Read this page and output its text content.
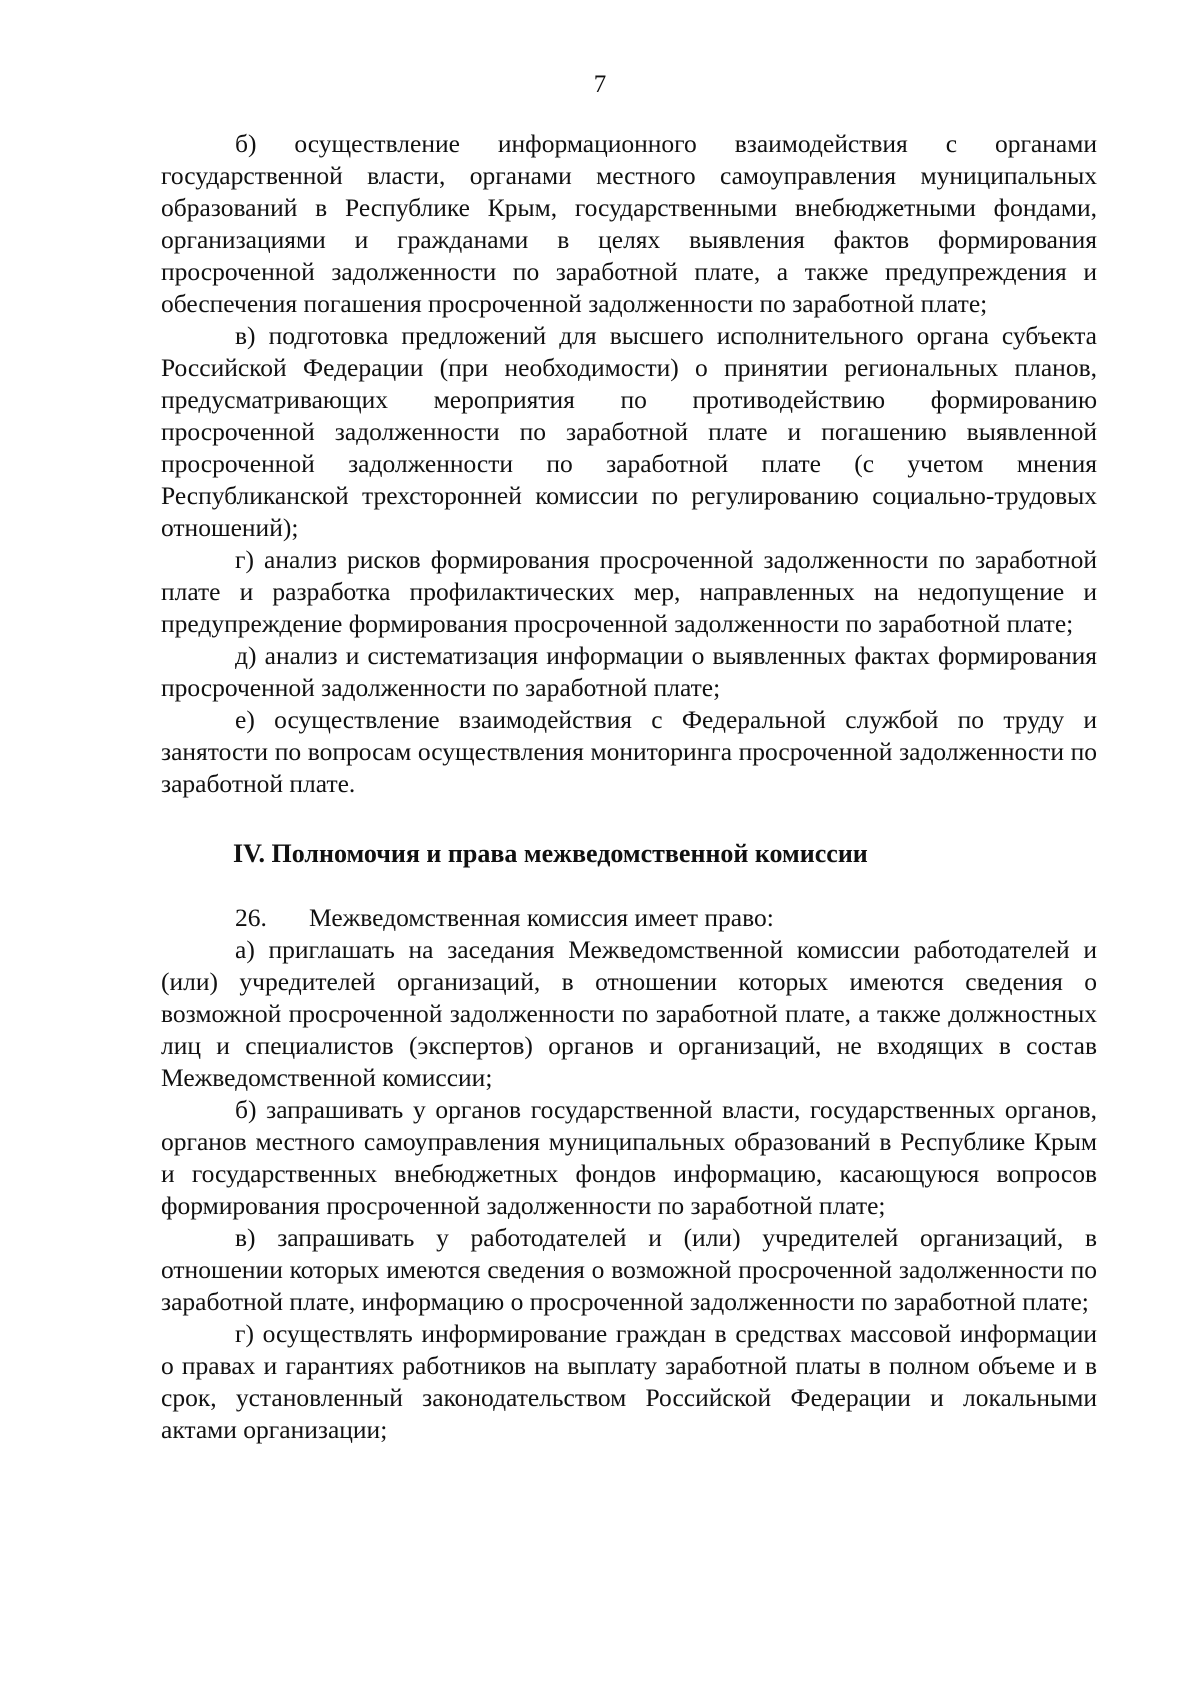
7

б) осуществление информационного взаимодействия с органами государственной власти, органами местного самоуправления муниципальных образований в Республике Крым, государственными внебюджетными фондами, организациями и гражданами в целях выявления фактов формирования просроченной задолженности по заработной плате, а также предупреждения и обеспечения погашения просроченной задолженности по заработной плате;

в) подготовка предложений для высшего исполнительного органа субъекта Российской Федерации (при необходимости) о принятии региональных планов, предусматривающих мероприятия по противодействию формированию просроченной задолженности по заработной плате и погашению выявленной просроченной задолженности по заработной плате (с учетом мнения Республиканской трехсторонней комиссии по регулированию социально-трудовых отношений);

г) анализ рисков формирования просроченной задолженности по заработной плате и разработка профилактических мер, направленных на недопущение и предупреждение формирования просроченной задолженности по заработной плате;

д) анализ и систематизация информации о выявленных фактах формирования просроченной задолженности по заработной плате;

е) осуществление взаимодействия с Федеральной службой по труду и занятости по вопросам осуществления мониторинга просроченной задолженности по заработной плате.

IV. Полномочия и права межведомственной комиссии

26. Межведомственная комиссия имеет право:

а) приглашать на заседания Межведомственной комиссии работодателей и (или) учредителей организаций, в отношении которых имеются сведения о возможной просроченной задолженности по заработной плате, а также должностных лиц и специалистов (экспертов) органов и организаций, не входящих в состав Межведомственной комиссии;

б) запрашивать у органов государственной власти, государственных органов, органов местного самоуправления муниципальных образований в Республике Крым и государственных внебюджетных фондов информацию, касающуюся вопросов формирования просроченной задолженности по заработной плате;

в) запрашивать у работодателей и (или) учредителей организаций, в отношении которых имеются сведения о возможной просроченной задолженности по заработной плате, информацию о просроченной задолженности по заработной плате;

г) осуществлять информирование граждан в средствах массовой информации о правах и гарантиях работников на выплату заработной платы в полном объеме и в срок, установленный законодательством Российской Федерации и локальными актами организации;
